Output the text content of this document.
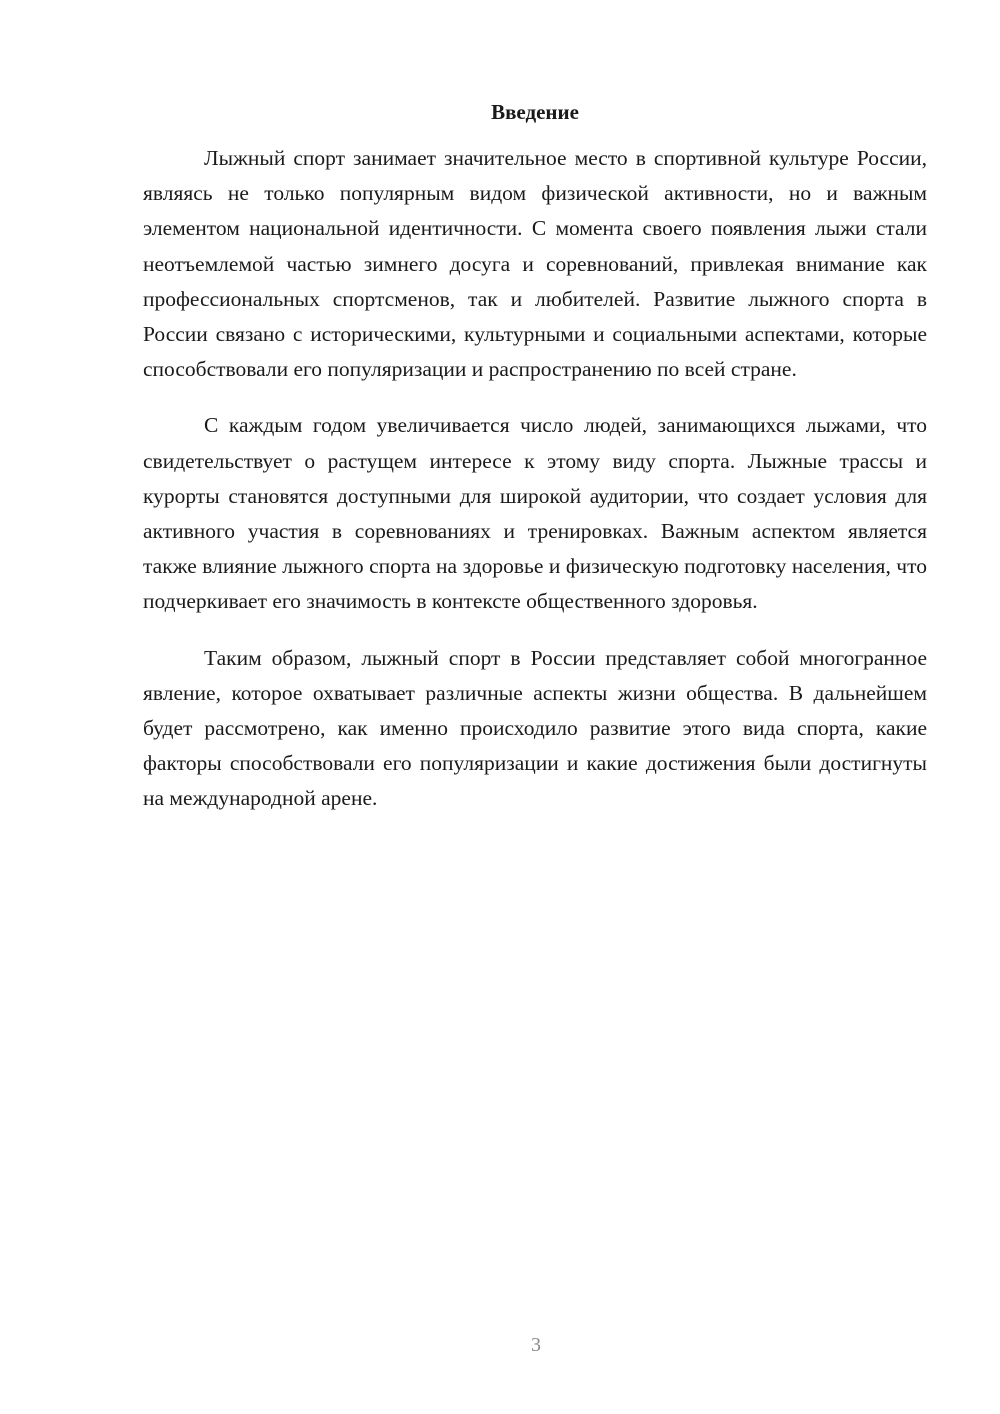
Введение

Лыжный спорт занимает значительное место в спортивной культуре России, являясь не только популярным видом физической активности, но и важным элементом национальной идентичности. С момента своего появления лыжи стали неотъемлемой частью зимнего досуга и соревнований, привлекая внимание как профессиональных спортсменов, так и любителей. Развитие лыжного спорта в России связано с историческими, культурными и социальными аспектами, которые способствовали его популяризации и распространению по всей стране.

С каждым годом увеличивается число людей, занимающихся лыжами, что свидетельствует о растущем интересе к этому виду спорта. Лыжные трассы и курорты становятся доступными для широкой аудитории, что создает условия для активного участия в соревнованиях и тренировках. Важным аспектом является также влияние лыжного спорта на здоровье и физическую подготовку населения, что подчеркивает его значимость в контексте общественного здоровья.

Таким образом, лыжный спорт в России представляет собой многогранное явление, которое охватывает различные аспекты жизни общества. В дальнейшем будет рассмотрено, как именно происходило развитие этого вида спорта, какие факторы способствовали его популяризации и какие достижения были достигнуты на международной арене.

3
